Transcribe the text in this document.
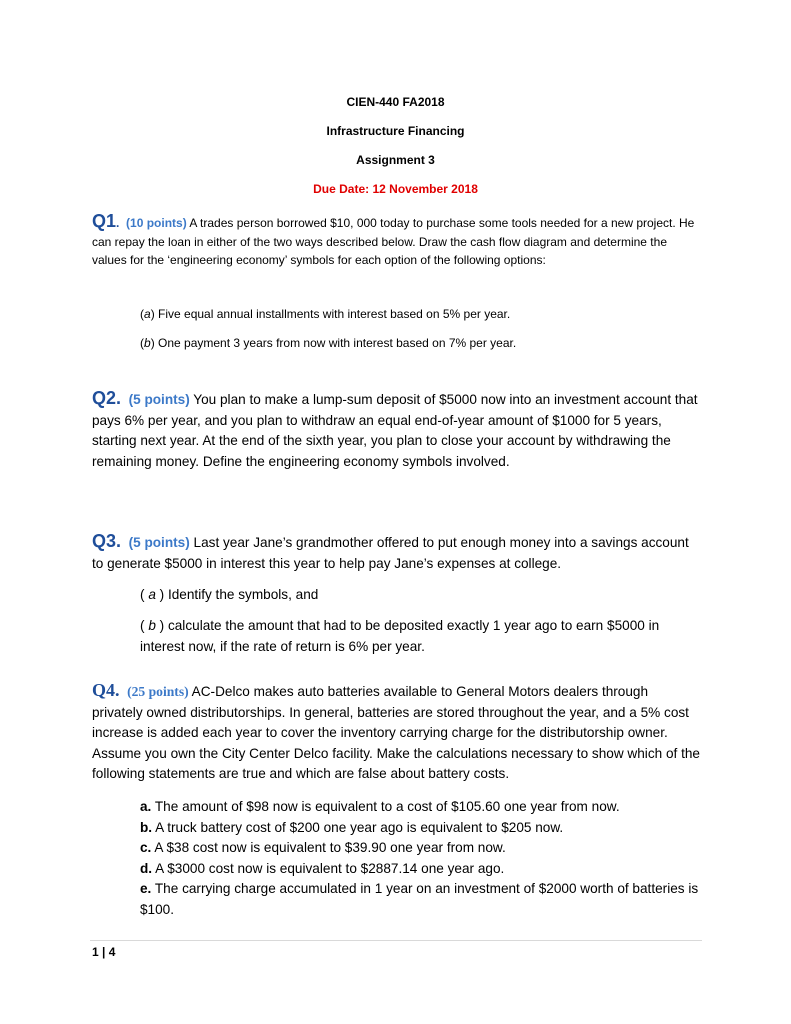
CIEN-440 FA2018
Infrastructure Financing
Assignment 3
Due Date: 12 November 2018
Q1. (10 points) A trades person borrowed $10, 000 today to purchase some tools needed for a new project. He can repay the loan in either of the two ways described below. Draw the cash flow diagram and determine the values for the ‘engineering economy’ symbols for each option of the following options:
(a) Five equal annual installments with interest based on 5% per year.
(b) One payment 3 years from now with interest based on 7% per year.
Q2. (5 points) You plan to make a lump-sum deposit of $5000 now into an investment account that pays 6% per year, and you plan to withdraw an equal end-of-year amount of $1000 for 5 years, starting next year. At the end of the sixth year, you plan to close your account by withdrawing the remaining money. Define the engineering economy symbols involved.
Q3. (5 points) Last year Jane’s grandmother offered to put enough money into a savings account to generate $5000 in interest this year to help pay Jane’s expenses at college.
( a ) Identify the symbols, and
( b ) calculate the amount that had to be deposited exactly 1 year ago to earn $5000 in interest now, if the rate of return is 6% per year.
Q4. (25 points) AC-Delco makes auto batteries available to General Motors dealers through privately owned distributorships. In general, batteries are stored throughout the year, and a 5% cost increase is added each year to cover the inventory carrying charge for the distributorship owner. Assume you own the City Center Delco facility. Make the calculations necessary to show which of the following statements are true and which are false about battery costs.
a. The amount of $98 now is equivalent to a cost of $105.60 one year from now.
b. A truck battery cost of $200 one year ago is equivalent to $205 now.
c. A $38 cost now is equivalent to $39.90 one year from now.
d. A $3000 cost now is equivalent to $2887.14 one year ago.
e. The carrying charge accumulated in 1 year on an investment of $2000 worth of batteries is $100.
1 | 4
